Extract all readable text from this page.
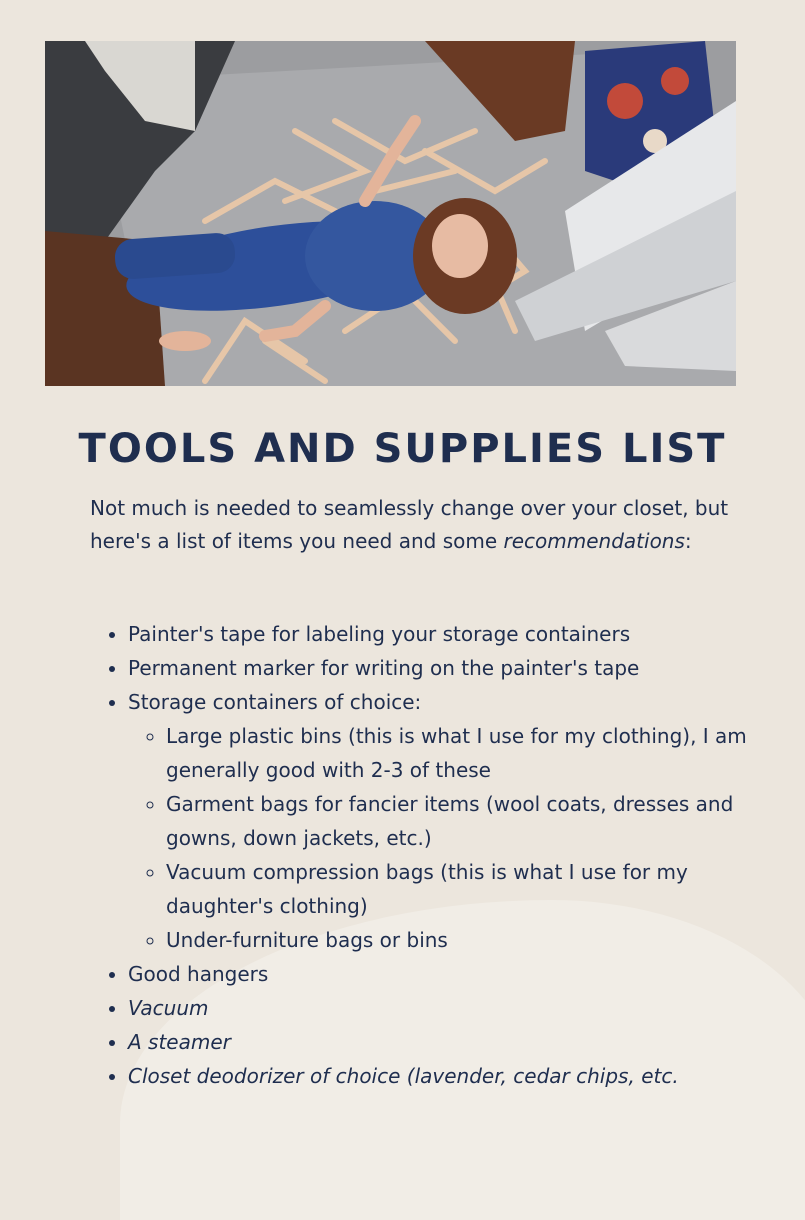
TOOLS AND SUPPLIES LIST

Not much is needed to seamlessly change over your closet, but here's a list of items you need and some recommendations:

• Painter's tape for labeling your storage containers
• Permanent marker for writing on the painter's tape
• Storage containers of choice:
◦ Large plastic bins (this is what I use for my clothing), I am generally good with 2-3 of these
◦ Garment bags for fancier items (wool coats, dresses and gowns, down jackets, etc.)
◦ Vacuum compression bags (this is what I use for my daughter's clothing)
◦ Under-furniture bags or bins
• Good hangers
• Vacuum
• A steamer
• Closet deodorizer of choice (lavender, cedar chips, etc.
